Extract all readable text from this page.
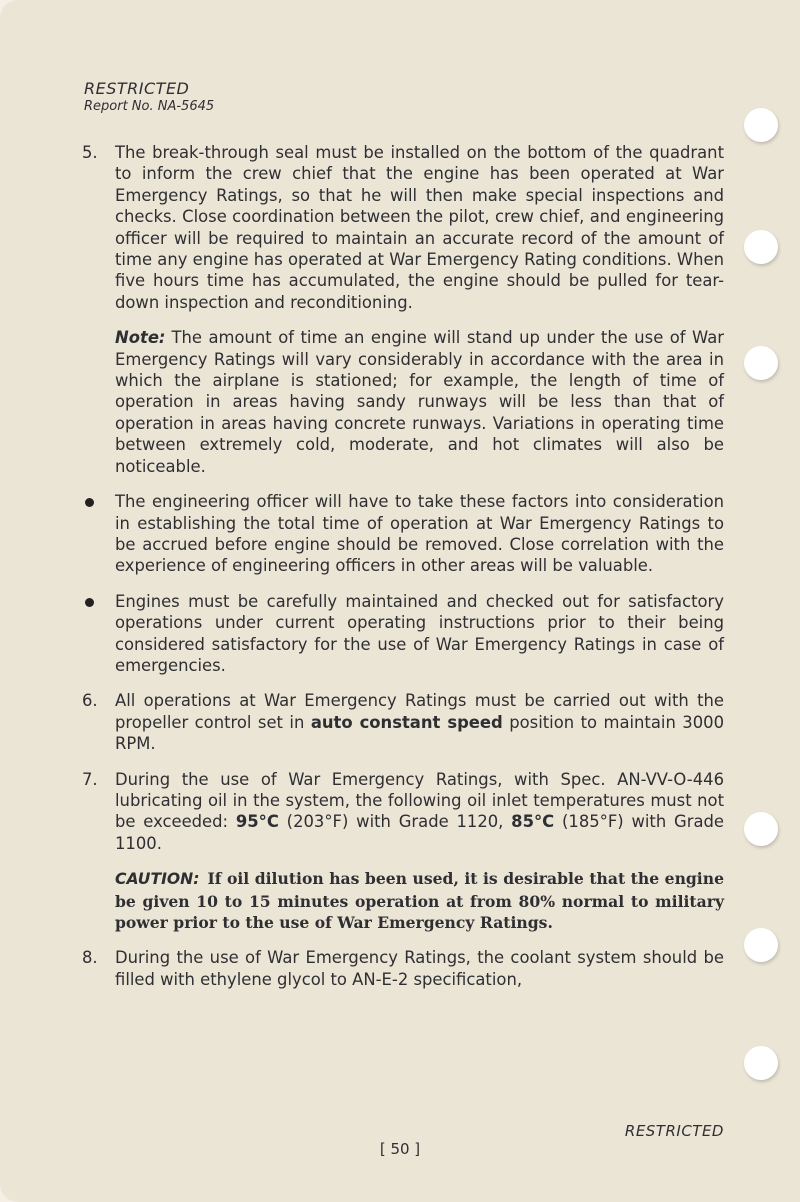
RESTRICTED
Report No. NA-5645
5. The break-through seal must be installed on the bottom of the quadrant to inform the crew chief that the engine has been operated at War Emergency Ratings, so that he will then make special inspections and checks. Close coordination between the pilot, crew chief, and engineering officer will be required to maintain an accurate record of the amount of time any engine has operated at War Emergency Rating conditions. When five hours time has accumulated, the engine should be pulled for tear-down inspection and reconditioning.
Note: The amount of time an engine will stand up under the use of War Emergency Ratings will vary considerably in accordance with the area in which the airplane is stationed; for example, the length of time of operation in areas having sandy runways will be less than that of operation in areas having concrete runways. Variations in operating time between extremely cold, moderate, and hot climates will also be noticeable.
The engineering officer will have to take these factors into consideration in establishing the total time of operation at War Emergency Ratings to be accrued before engine should be removed. Close correlation with the experience of engineering officers in other areas will be valuable.
Engines must be carefully maintained and checked out for satisfactory operations under current operating instructions prior to their being considered satisfactory for the use of War Emergency Ratings in case of emergencies.
6. All operations at War Emergency Ratings must be carried out with the propeller control set in auto constant speed position to maintain 3000 RPM.
7. During the use of War Emergency Ratings, with Spec. AN-VV-O-446 lubricating oil in the system, the following oil inlet temperatures must not be exceeded: 95°C (203°F) with Grade 1120, 85°C (185°F) with Grade 1100.
CAUTION: If oil dilution has been used, it is desirable that the engine be given 10 to 15 minutes operation at from 80% normal to military power prior to the use of War Emergency Ratings.
8. During the use of War Emergency Ratings, the coolant system should be filled with ethylene glycol to AN-E-2 specification,
RESTRICTED
[ 50 ]
